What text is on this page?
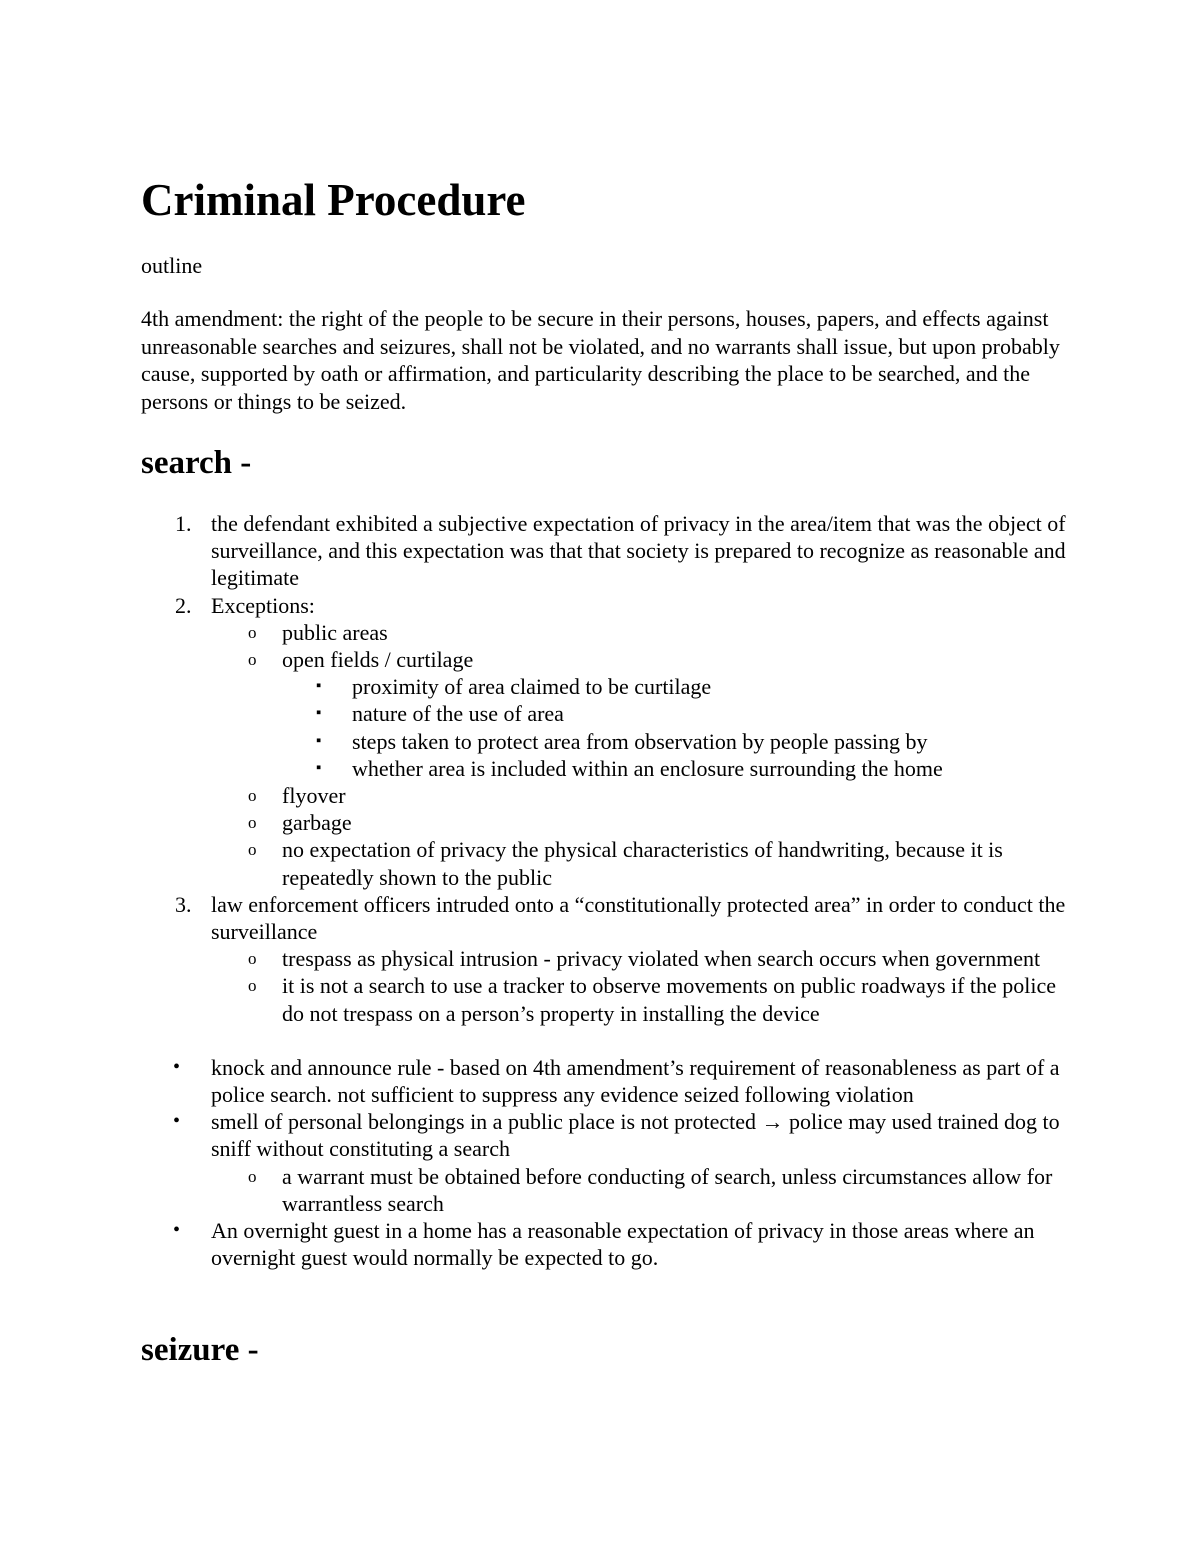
Criminal Procedure
outline

4th amendment: the right of the people to be secure in their persons, houses, papers, and effects against unreasonable searches and seizures, shall not be violated, and no warrants shall issue, but upon probably cause, supported by oath or affirmation, and particularity describing the place to be searched, and the persons or things to be seized.

search -
1. the defendant exhibited a subjective expectation of privacy in the area/item that was the object of surveillance, and this expectation was that that society is prepared to recognize as reasonable and legitimate
2. Exceptions:
o public areas
o open fields / curtilage
▪ proximity of area claimed to be curtilage
▪ nature of the use of area
▪ steps taken to protect area from observation by people passing by
▪ whether area is included within an enclosure surrounding the home
o flyover
o garbage
o no expectation of privacy the physical characteristics of handwriting, because it is repeatedly shown to the public
3. law enforcement officers intruded onto a “constitutionally protected area” in order to conduct the surveillance
o trespass as physical intrusion - privacy violated when search occurs when government
o it is not a search to use a tracker to observe movements on public roadways if the police do not trespass on a person’s property in installing the device
• knock and announce rule - based on 4th amendment’s requirement of reasonableness as part of a police search. not sufficient to suppress any evidence seized following violation
• smell of personal belongings in a public place is not protected → police may used trained dog to sniff without constituting a search
o a warrant must be obtained before conducting of search, unless circumstances allow for warrantless search
• An overnight guest in a home has a reasonable expectation of privacy in those areas where an overnight guest would normally be expected to go.
seizure -
